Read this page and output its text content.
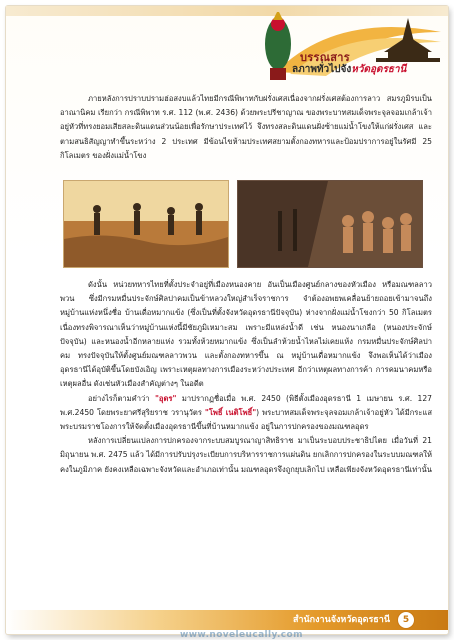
บรรณสาร
ลภาพทั่วไปจังหวัดอุดรธานี
ภายหลังการปราบปรามฮ่อสงบแล้วไทยมีกรณีพิพาทกับฝรั่งเศสเนื่องจากฝรั่งเศสต้องการลาว สมรภูมิรบเป็นอาณานิคม เรียกว่า กรณีพิพาท ร.ศ. 112 (พ.ศ. 2436) ด้วยพระปรีชาญาณ ของพระบาทสมเด็จพระจุลจอมเกล้าเจ้าอยู่หัวที่ทรงยอมเสียสละดินแดนส่วนน้อยเพื่อรักษาประเทศไว้ จึงทรงสละดินแดนฝั่งซ้ายแม่น้ำโขงให้แก่ฝรั่งเศส และตามสนธิสัญญาทำขึ้นระหว่าง 2 ประเทศ มีข้อนไขห้ามประเทศสยามตั้งกองทหารและป้อมปราการอยู่ในรัศมี 25 กิโลเมตร ของฝั่งแม่น้ำโขง
ดังนั้น หน่วยทหารไทยที่ตั้งประจำอยู่ที่เมืองหนองคาย อันเป็นเมืองศูนย์กลางของหัวเมือง หรือมณฑลลาวพวน ซึ่งมีกรมหมื่นประจักษ์ศิลปาคมเป็นข้าหลวงใหญ่สำเร็จราชการ จำต้องอพยพเคลื่อนย้ายถอยเข้ามาจนถึงหมู่บ้านแห่งหนึ่งชื่อ บ้านเดื่อหมากแข้ง (ซึ่งเป็นที่ตั้งจังหวัดอุดรธานีปัจจุบัน) ห่างจากฝั่งแม่น้ำโขงกว่า 50 กิโลเมตร เนื่องทรงพิจารณาเห็นว่าหมู่บ้านแห่งนี้มีชัยภูมิเหมาะสม เพราะมีแหล่งน้ำดี เช่น หนองนาเกลือ (หนองประจักษ์ ปัจจุบัน) และหนองน้ำอีกหลายแห่ง รวมทั้งห้วยหมากแข้ง ซึ่งเป็นลำห้วยน้ำไหลไม่เคยแห้ง กรมหมื่นประจักษ์ศิลปาคม ทรงปัจจุบันให้ตั้งศูนย์มณฑลลาวพวน และตั้งกองทหารขึ้น ณ หมู่บ้านเดื่อหมากแข้ง จึงพอเห็นได้ว่าเมืองอุดรธานีได้อุบัติขึ้นโดยบังเอิญ เพราะเหตุผลทางการเมืองระหว่างประเทศ อีกว่าเหตุผลทางการค้า การคมนาคมหรือเหตุผลอื่น ดังเช่นหัวเมืองสำคัญต่างๆ ในอดีต
อย่างไรก็ตามคำว่า "อุดร" มาปรากฏชื่อเมื่อ พ.ศ. 2450 (พิธีตั้งเมืองอุดรธานี 1 เมษายน ร.ศ. 127 พ.ศ.2450 โดยพระยาศรีสุริยราช วรานุวัตร "โพธิ์ เนติโพธิ์") พระบาทสมเด็จพระจุลจอมเกล้าเจ้าอยู่หัว ได้มีกระแสพระบรมราชโองการให้จัดตั้งเมืองอุดรธานีขึ้นที่บ้านหมากแข้ง อยู่ในการปกครองของมณฑลอุดร
หลังการเปลี่ยนแปลงการปกครองจากระบบสมบูรณาญาสิทธิราช มาเป็นระบอบประชาธิปไตย เมื่อวันที่ 21 มิถุนายน พ.ศ. 2475 แล้ว ได้มีการปรับปรุงระเบียบการบริหารราชการแผ่นดิน ยกเลิกการปกครองในระบบมณฑลให้คงในภูมิภาค ยังคงเหลือเฉพาะจังหวัดและอำเภอเท่านั้น มณฑลอุดรจึงถูกยุบเลิกไป เหลือเพียงจังหวัดอุดรธานีเท่านั้น
สำนักงานจังหวัดอุดรธานี	5
www.noveleucally.com
